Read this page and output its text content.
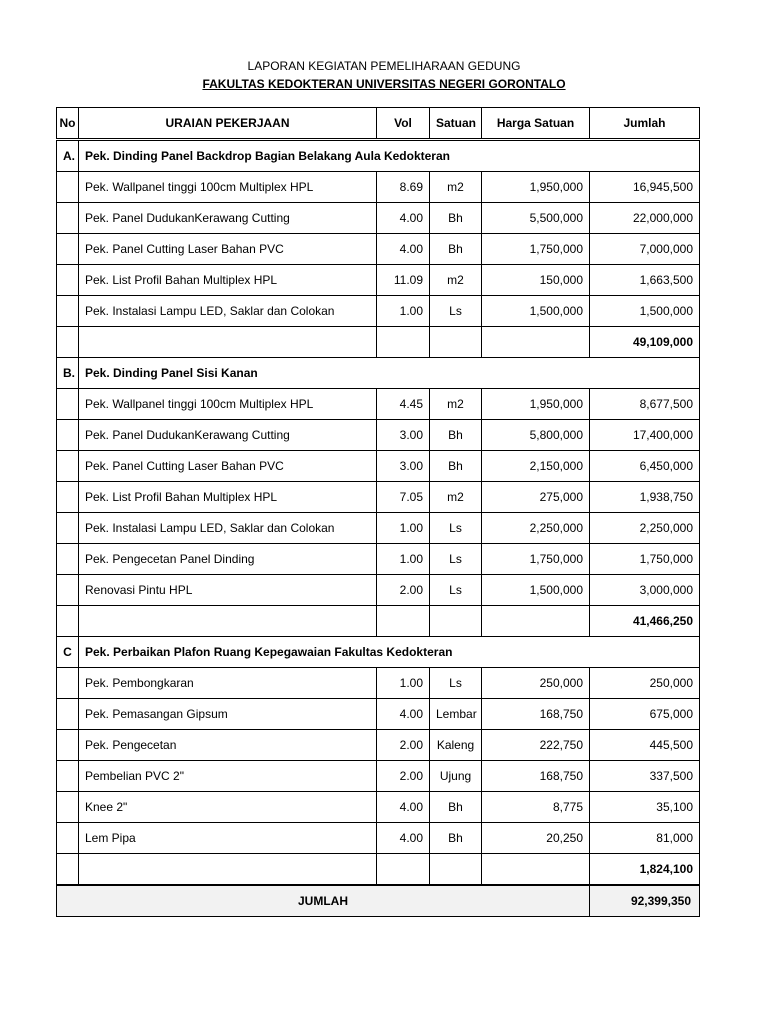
LAPORAN KEGIATAN PEMELIHARAAN GEDUNG
FAKULTAS KEDOKTERAN UNIVERSITAS NEGERI GORONTALO
No	URAIAN PEKERJAAN	Vol	Satuan	Harga Satuan	Jumlah
A.	Pek. Dinding Panel Backdrop Bagian Belakang Aula Kedokteran				
	Pek. Wallpanel tinggi 100cm Multiplex HPL	8.69	m2	1,950,000	16,945,500
	Pek. Panel DudukanKerawang Cutting	4.00	Bh	5,500,000	22,000,000
	Pek. Panel Cutting Laser Bahan PVC	4.00	Bh	1,750,000	7,000,000
	Pek. List Profil Bahan Multiplex HPL	11.09	m2	150,000	1,663,500
	Pek. Instalasi Lampu LED, Saklar dan Colokan	1.00	Ls	1,500,000	1,500,000
					49,109,000
B.	Pek. Dinding Panel Sisi Kanan				
	Pek. Wallpanel tinggi 100cm Multiplex HPL	4.45	m2	1,950,000	8,677,500
	Pek. Panel DudukanKerawang Cutting	3.00	Bh	5,800,000	17,400,000
	Pek. Panel Cutting Laser Bahan PVC	3.00	Bh	2,150,000	6,450,000
	Pek. List Profil Bahan Multiplex HPL	7.05	m2	275,000	1,938,750
	Pek. Instalasi Lampu LED, Saklar dan Colokan	1.00	Ls	2,250,000	2,250,000
	Pek. Pengecetan Panel Dinding	1.00	Ls	1,750,000	1,750,000
	Renovasi Pintu HPL	2.00	Ls	1,500,000	3,000,000
					41,466,250
C	Pek. Perbaikan Plafon Ruang Kepegawaian Fakultas Kedokteran				
	Pek. Pembongkaran	1.00	Ls	250,000	250,000
	Pek. Pemasangan Gipsum	4.00	Lembar	168,750	675,000
	Pek. Pengecetan	2.00	Kaleng	222,750	445,500
	Pembelian PVC 2"	2.00	Ujung	168,750	337,500
	Knee 2"	4.00	Bh	8,775	35,100
	Lem Pipa	4.00	Bh	20,250	81,000
					1,824,100
JUMLAH					92,399,350
